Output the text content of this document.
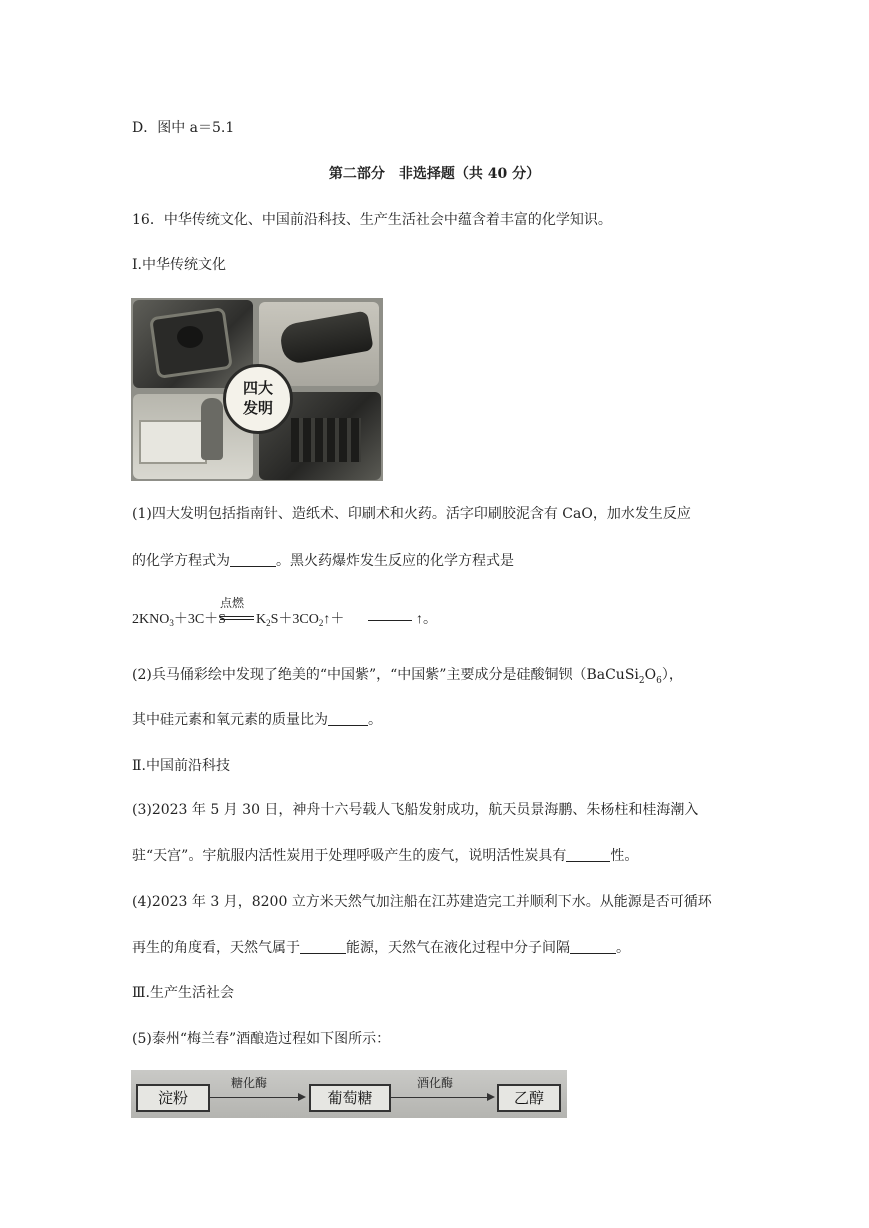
D．图中 a＝5.1
第二部分　非选择题（共 40 分）
16．中华传统文化、中国前沿科技、生产生活社会中蕴含着丰富的化学知识。
Ⅰ.中华传统文化
四大
发明
(1)四大发明包括指南针、造纸术、印刷术和火药。活字印刷胶泥含有 CaO，加水发生反应
的化学方程式为	。黑火药爆炸发生反应的化学方程式是
$2KNO_3+3C+S$
点燃
$K_2S+3CO_2↑+$	↑。
(2)兵马俑彩绘中发现了绝美的“中国紫”，“中国紫”主要成分是硅酸铜钡$(BaCuSi_2O_6)$，
其中硅元素和氧元素的质量比为	。
Ⅱ.中国前沿科技
(3)2023 年 5 月 30 日，神舟十六号载人飞船发射成功，航天员景海鹏、朱杨柱和桂海潮入
驻“天宫”。宇航服内活性炭用于处理呼吸产生的废气，说明活性炭具有	性。
(4)2023 年 3 月，8200 立方米天然气加注船在江苏建造完工并顺利下水。从能源是否可循环
再生的角度看，天然气属于	能源，天然气在液化过程中分子间隔	。
Ⅲ.生产生活社会
(5)泰州“梅兰春”酒酿造过程如下图所示：
淀粉
糖化酶
葡萄糖
酒化酶
乙醇
